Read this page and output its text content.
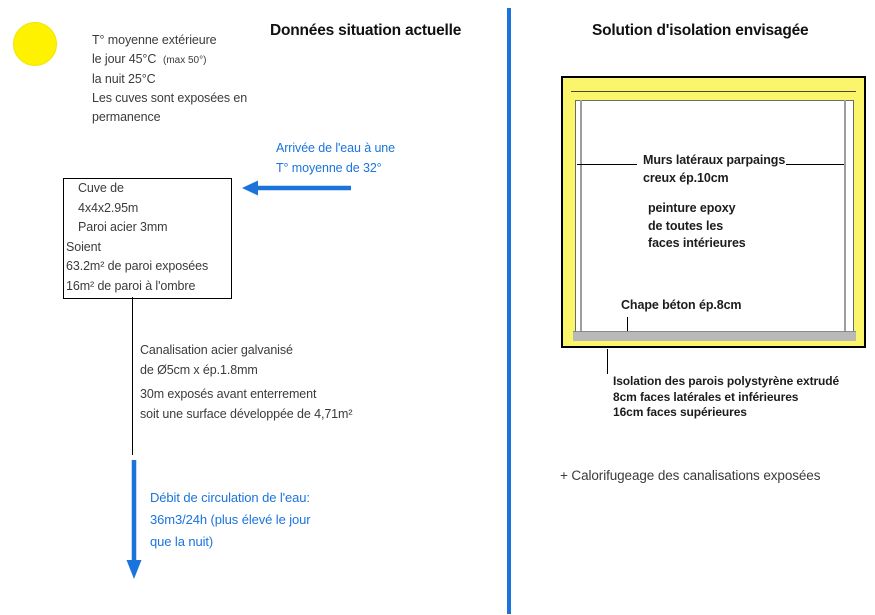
T° moyenne extérieure
le jour 45°C (max 50°)
la nuit 25°C
Les cuves sont exposées en
permanence
Données situation actuelle
Arrivée de l'eau à une
T° moyenne de 32°
Cuve de
4x4x2.95m
Paroi acier 3mm
Soient
63.2m² de paroi exposées
16m² de paroi à l'ombre
Canalisation acier galvanisé
de Ø5cm x ép.1.8mm
30m exposés avant enterrement
soit une surface développée de 4,71m²
Débit de circulation de l'eau:
36m3/24h (plus élevé le jour
que la nuit)
Solution d'isolation envisagée
Murs latéraux parpaings
creux ép.10cm
peinture epoxy
de toutes les
faces intérieures
Chape béton ép.8cm
Isolation des parois polystyrène extrudé
8cm faces latérales et inférieures
16cm faces supérieures
+ Calorifugeage des canalisations exposées
